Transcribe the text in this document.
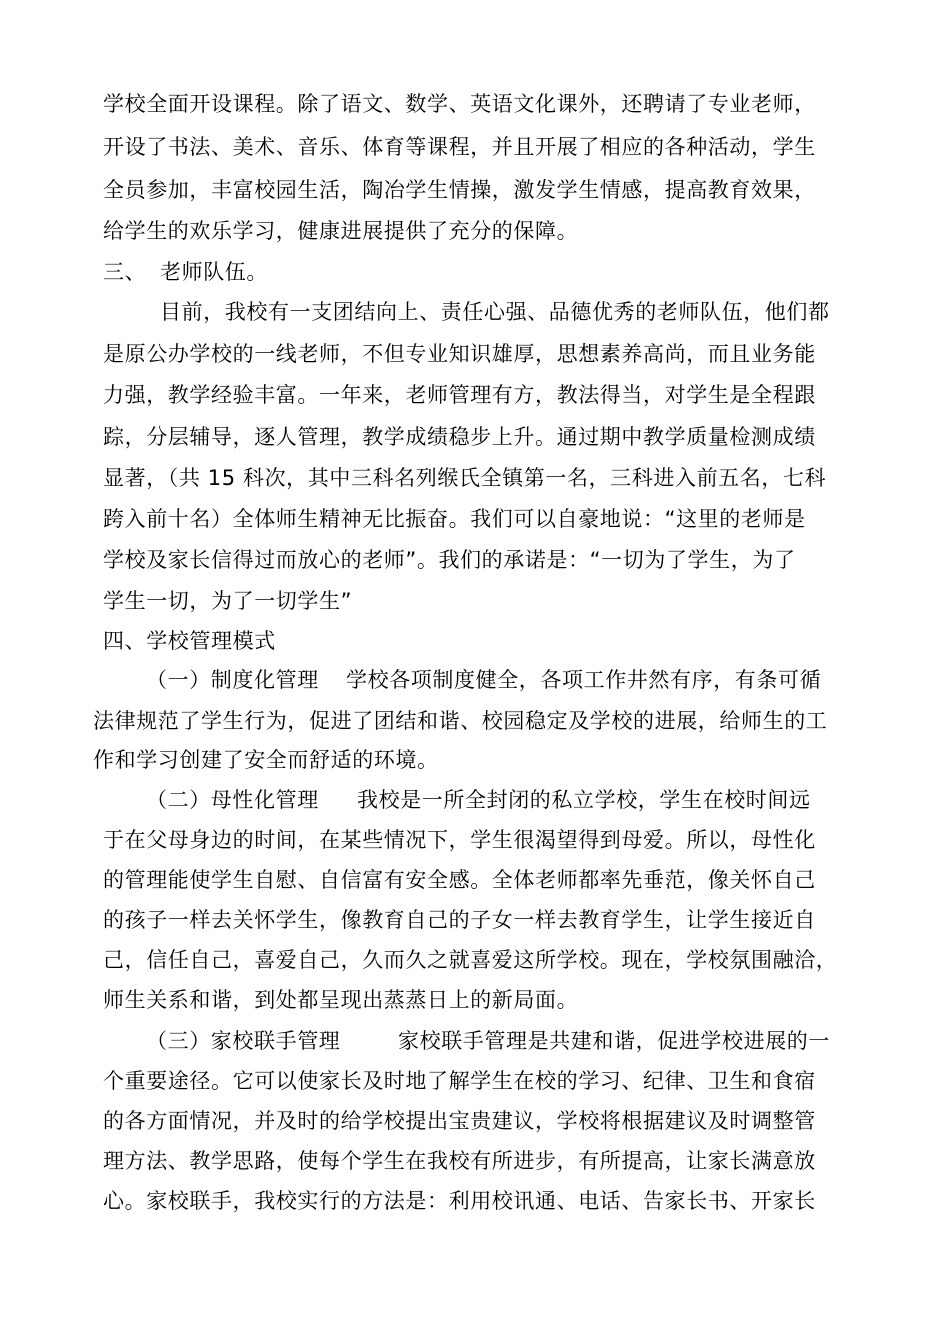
学校全面开设课程。除了语文、数学、英语文化课外，还聘请了专业老师，
开设了书法、美术、音乐、体育等课程，并且开展了相应的各种活动，学生
全员参加，丰富校园生活，陶冶学生情操，激发学生情感，提高教育效果，
给学生的欢乐学习，健康进展提供了充分的保障。
三、 老师队伍。
目前，我校有一支团结向上、责任心强、品德优秀的老师队伍，他们都
是原公办学校的一线老师，不但专业知识雄厚，思想素养高尚，而且业务能
力强，教学经验丰富。一年来，老师管理有方，教法得当，对学生是全程跟
踪，分层辅导，逐人管理，教学成绩稳步上升。通过期中教学质量检测成绩
显著，（共 15 科次，其中三科名列缑氏全镇第一名，三科进入前五名，七科
跨入前十名）全体师生精神无比振奋。我们可以自豪地说：“这里的老师是
学校及家长信得过而放心的老师”。我们的承诺是：“一切为了学生，为了
学生一切，为了一切学生”
四、学校管理模式
（一）制度化管理 学校各项制度健全，各项工作井然有序，有条可循
法律规范了学生行为，促进了团结和谐、校园稳定及学校的进展，给师生的工
作和学习创建了安全而舒适的环境。
（二）母性化管理 我校是一所全封闭的私立学校，学生在校时间远
于在父母身边的时间，在某些情况下，学生很渴望得到母爱。所以，母性化
的管理能使学生自慰、自信富有安全感。全体老师都率先垂范，像关怀自己
的孩子一样去关怀学生，像教育自己的子女一样去教育学生，让学生接近自
己，信任自己，喜爱自己，久而久之就喜爱这所学校。现在，学校氛围融洽，
师生关系和谐，到处都呈现出蒸蒸日上的新局面。
（三）家校联手管理	家校联手管理是共建和谐，促进学校进展的一
个重要途径。它可以使家长及时地了解学生在校的学习、纪律、卫生和食宿
的各方面情况，并及时的给学校提出宝贵建议，学校将根据建议及时调整管
理方法、教学思路，使每个学生在我校有所进步，有所提高，让家长满意放
心。家校联手，我校实行的方法是：利用校讯通、电话、告家长书、开家长
